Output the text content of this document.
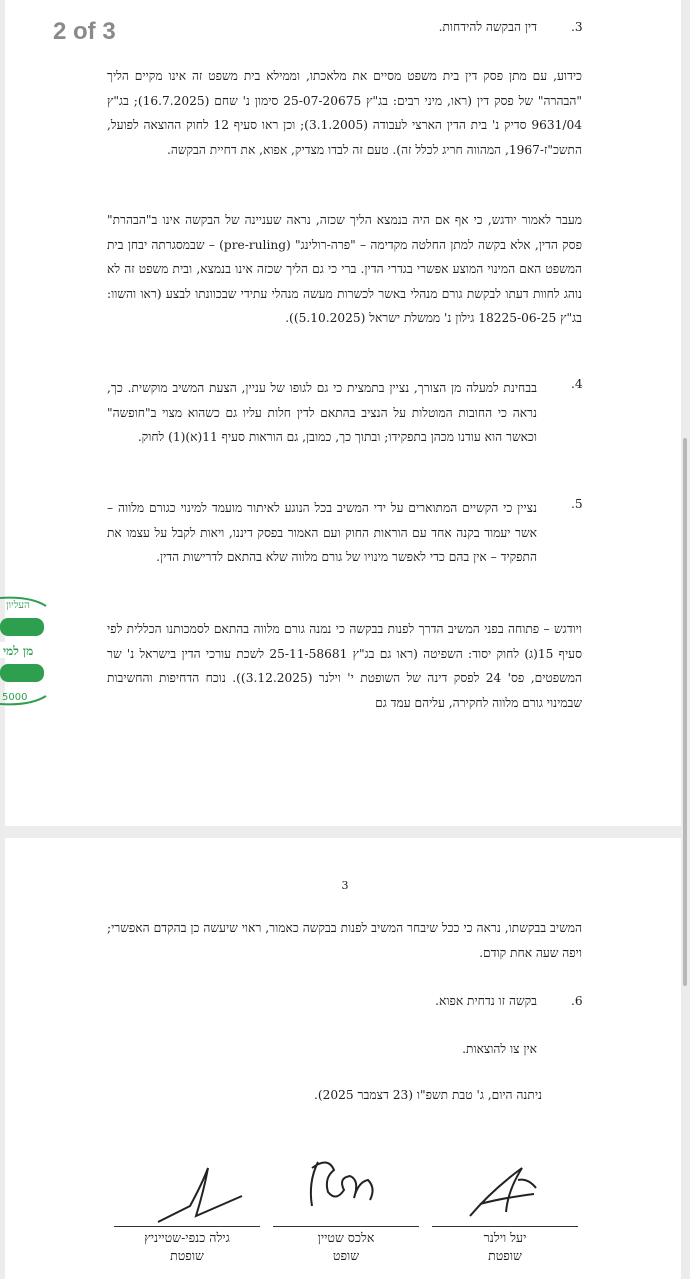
2 of 3	.3
דין הבקשה להידחות.

כידוע, עם מתן פסק דין בית משפט מסיים את מלאכתו, וממילא בית משפט זה אינו מקיים הליך "הבהרה" של פסק דין (ראו, מיני רבים: בג"ץ 25-07-20675 סימון נ' שחם (16.7.2025); בג"ץ 9631/04 סדיק נ' בית הדין הארצי לעבודה (3.1.2005); וכן ראו סעיף 12 לחוק ההוצאה לפועל, התשכ"ז-1967, המהווה חריג לכלל זה). טעם זה לבדו מצדיק, אפוא, את דחיית הבקשה.

מעבר לאמור יודגש, כי אף אם היה בנמצא הליך שכזה, נראה שעניינה של הבקשה אינו ב"הבהרת" פסק הדין, אלא בקשה למתן החלטה מקדימה – "פרה-רולינג" (pre-ruling) – שבמסגרתה יבחן בית המשפט האם המינוי המוצע אפשרי בגדרי הדין. ברי כי גם הליך שכזה אינו בנמצא, ובית משפט זה לא נוהג לחוות דעתו לבקשת גורם מנהלי באשר לכשרות מעשה מנהלי עתידי שבכוונתו לבצע (ראו והשוו: בג"ץ 18225-06-25 גילון נ' ממשלת ישראל (5.10.2025)).

.4

בבחינת למעלה מן הצורך, נציין בתמצית כי גם לגופו של עניין, הצעת המשיב מוקשית. כך, נראה כי החובות המוטלות על הנציב בהתאם לדין חלות עליו גם כשהוא מצוי ב"חופשה" וכאשר הוא עודנו מכהן בתפקידו; ובתוך כך, כמובן, גם הוראות סעיף 11(א)(1) לחוק.

.5

נציין כי הקשיים המתוארים על ידי המשיב בכל הנוגע לאיתור מועמד למינוי כגורם מלווה – אשר יעמוד בקנה אחד עם הוראות החוק ועם האמור בפסק דיננו, ויאות לקבל על עצמו את התפקיד – אין בהם כדי לאפשר מינויו של גורם מלווה שלא בהתאם לדרישות הדין.

ויודגש – פתוחה בפני המשיב הדרך לפנות בבקשה כי נמנה גורם מלווה בהתאם לסמכותנו הכללית לפי סעיף 15(ג) לחוק יסוד: השפיטה (ראו גם בג"ץ 25-11-58681 לשכת עורכי הדין בישראל נ' שר המשפטים, פס' 24 לפסק דינה של השופטת י' וילנר (3.12.2025)). נוכח הדחיפות והחשיבות שבמינוי גורם מלווה לחקירה, עליהם עמד גם

העליון
מן למי
5000‎
3

המשיב בבקשתו, נראה כי ככל שיבחר המשיב לפנות בבקשה כאמור, ראוי שיעשה כן בהקדם האפשרי; ויפה שעה אחת קודם.

.6
בקשה זו נדחית אפוא.
אין צו להוצאות.
ניתנה היום, ג' טבת תשפ"ו (23 דצמבר 2025).
גילה כנפי-שטייניץ
שופטת
אלכס שטיין
שופט
יעל וילנר
שופטת
